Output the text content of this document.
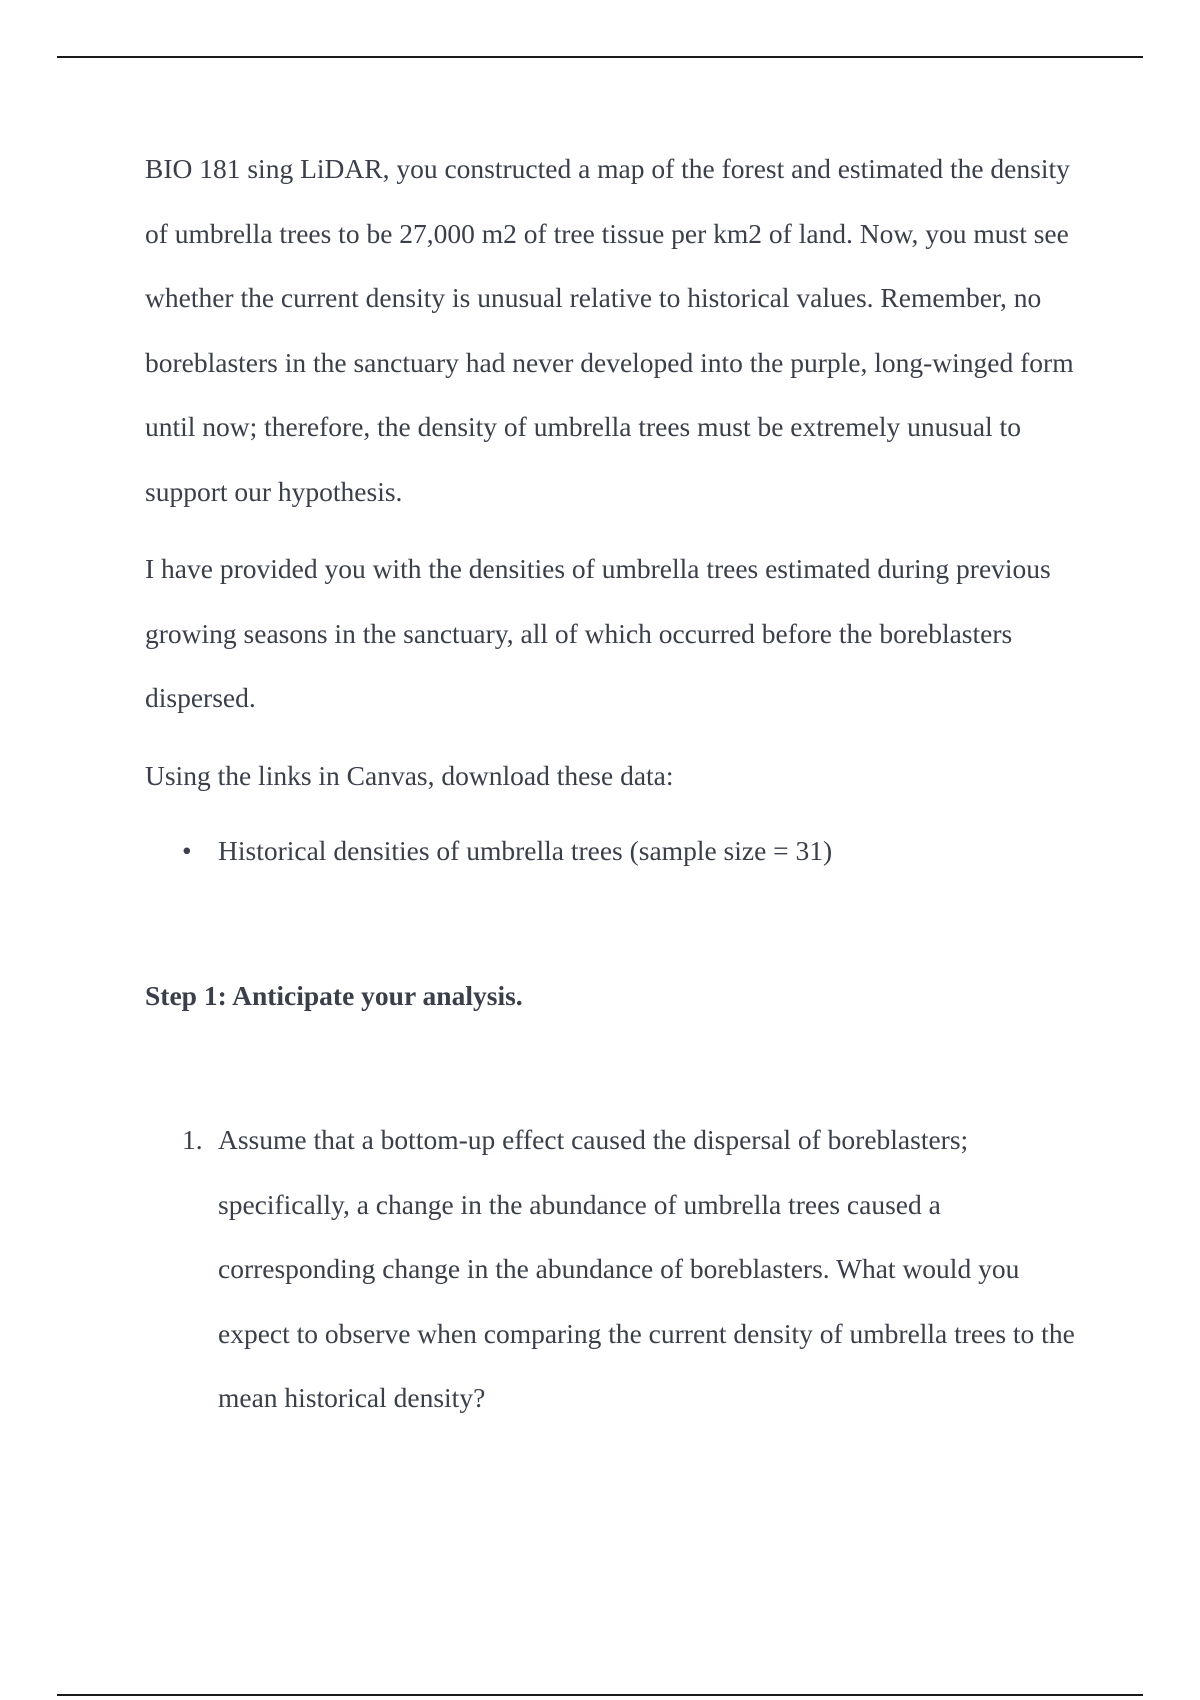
BIO 181 sing LiDAR, you constructed a map of the forest and estimated the density of umbrella trees to be 27,000 m2 of tree tissue per km2 of land. Now, you must see whether the current density is unusual relative to historical values. Remember, no boreblasters in the sanctuary had never developed into the purple, long-winged form until now; therefore, the density of umbrella trees must be extremely unusual to support our hypothesis.

I have provided you with the densities of umbrella trees estimated during previous growing seasons in the sanctuary, all of which occurred before the boreblasters dispersed.

Using the links in Canvas, download these data:

• Historical densities of umbrella trees (sample size = 31)
Step 1: Anticipate your analysis.
1. Assume that a bottom-up effect caused the dispersal of boreblasters; specifically, a change in the abundance of umbrella trees caused a corresponding change in the abundance of boreblasters. What would you expect to observe when comparing the current density of umbrella trees to the mean historical density?
